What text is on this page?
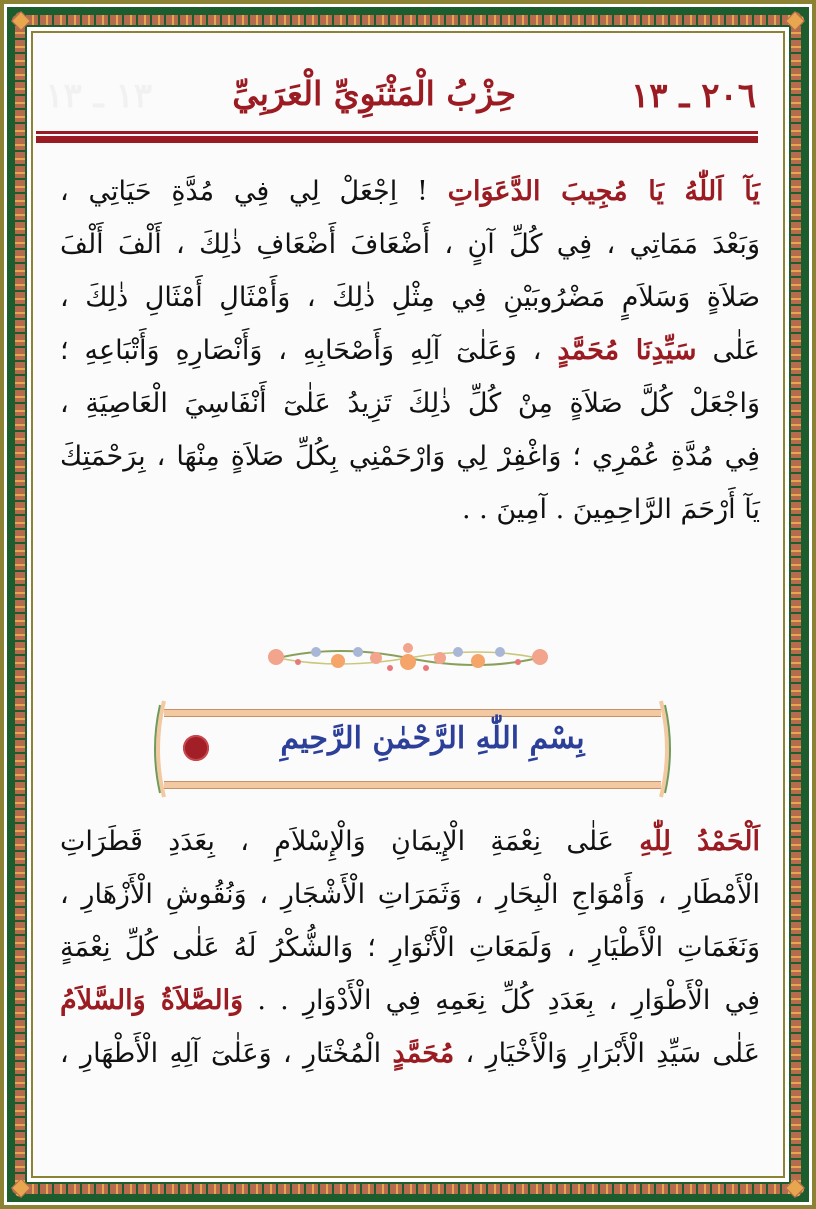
٢٠٦ ـ ١٣
حِزْبُ الْمَثْنَوِيِّ الْعَرَبِيِّ
١٣ ـ ١٣
يَآ اَللّٰهُ يَا مُجِيبَ الدَّعَوَاتِ ! اِجْعَلْ لِي فِي مُدَّةِ حَيَاتِي ،
وَبَعْدَ مَمَاتِي ، فِي كُلِّ آنٍ ، أَضْعَافَ أَضْعَافِ ذٰلِكَ ، أَلْفَ أَلْفَ
صَلاَةٍ وَسَلاَمٍ مَضْرُوبَيْنِ فِي مِثْلِ ذٰلِكَ ، وَأَمْثَالِ أَمْثَالِ ذٰلِكَ ،
عَلٰى سَيِّدِنَا مُحَمَّدٍ ، وَعَلٰىٓ آلِهِ وَأَصْحَابِهِ ، وَأَنْصَارِهِ وَأَتْبَاعِهِ ؛
وَاجْعَلْ كُلَّ صَلاَةٍ مِنْ كُلِّ ذٰلِكَ تَزِيدُ عَلٰىٓ أَنْفَاسِيَ الْعَاصِيَةِ ،
فِي مُدَّةِ عُمْرِي ؛ وَاغْفِرْ لِي وَارْحَمْنِي بِكُلِّ صَلاَةٍ مِنْهَا ، بِرَحْمَتِكَ
يَآ أَرْحَمَ الرَّاحِمِينَ . آمِينَ . .
بِسْمِ اللّٰهِ الرَّحْمٰنِ الرَّحِيمِ
اَلْحَمْدُ لِلّٰهِ عَلٰى نِعْمَةِ الْإِيمَانِ وَالْإِسْلاَمِ ، بِعَدَدِ قَطَرَاتِ
الْأَمْطَارِ ، وَأَمْوَاجِ الْبِحَارِ ، وَثَمَرَاتِ الْأَشْجَارِ ، وَنُقُوشِ الْأَزْهَارِ ،
وَنَغَمَاتِ الْأَطْيَارِ ، وَلَمَعَاتِ الْأَنْوَارِ ؛ وَالشُّكْرُ لَهُ عَلٰى كُلِّ نِعْمَةٍ
فِي الْأَطْوَارِ ، بِعَدَدِ كُلِّ نِعَمِهِ فِي الْأَدْوَارِ . . وَالصَّلاَةُ وَالسَّلاَمُ
عَلٰى سَيِّدِ الْأَبْرَارِ وَالْأَخْيَارِ ، مُحَمَّدٍ الْمُخْتَارِ ، وَعَلٰىٓ آلِهِ الْأَطْهَارِ ،
